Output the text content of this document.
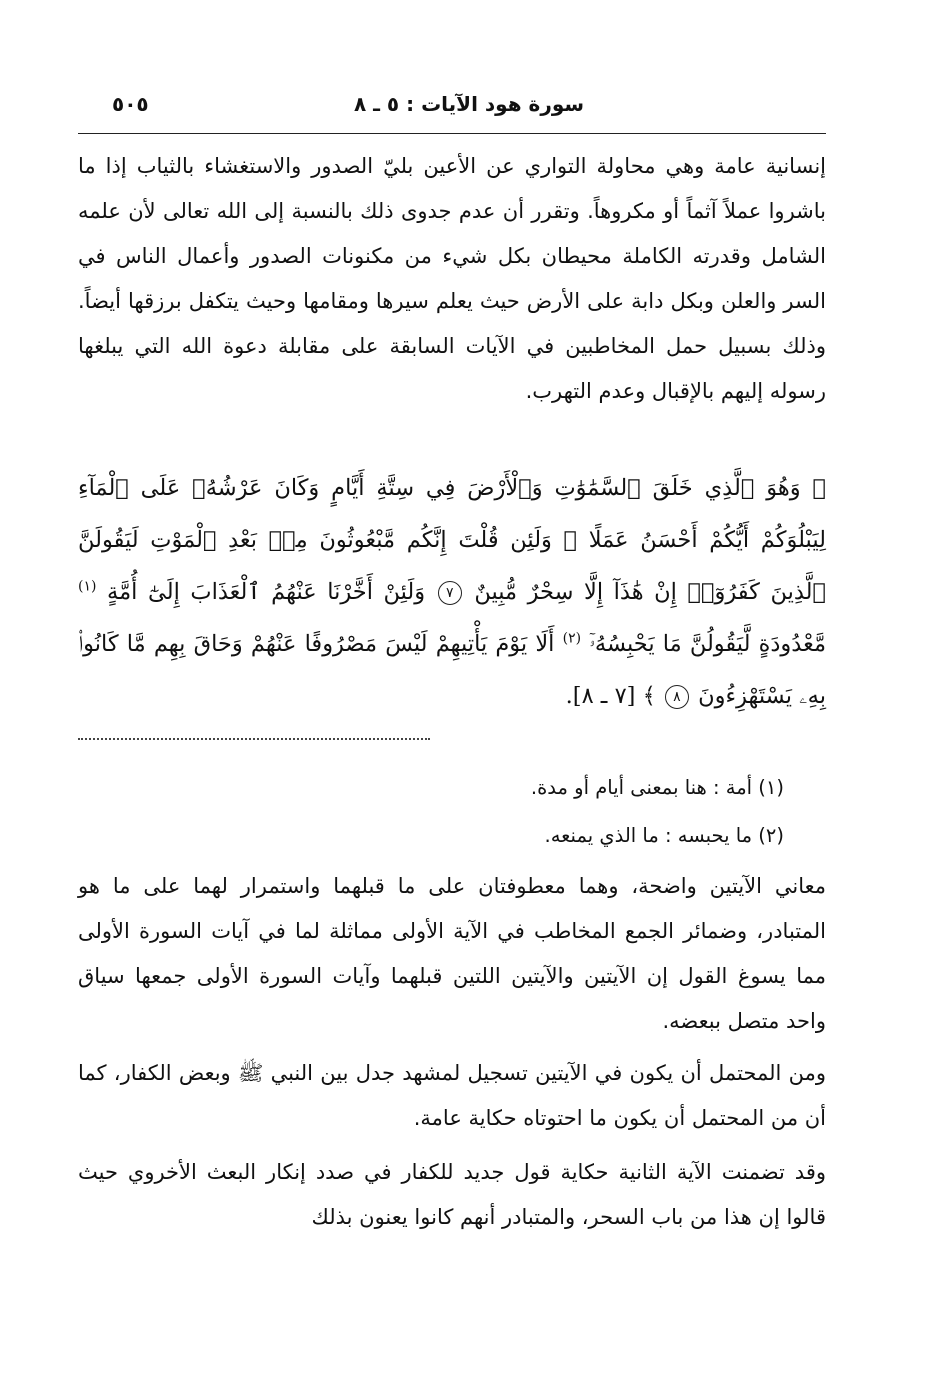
سورة هود الآيات : ٥ ـ ٨
٥٠٥

إنسانية عامة وهي محاولة التواري عن الأعين بليّ الصدور والاستغشاء بالثياب إذا ما باشروا عملاً آثماً أو مكروهاً. وتقرر أن عدم جدوى ذلك بالنسبة إلى الله تعالى لأن علمه الشامل وقدرته الكاملة محيطان بكل شيء من مكنونات الصدور وأعمال الناس في السر والعلن وبكل دابة على الأرض حيث يعلم سيرها ومقامها وحيث يتكفل برزقها أيضاً. وذلك بسبيل حمل المخاطبين في الآيات السابقة على مقابلة دعوة الله التي يبلغها رسوله إليهم بالإقبال وعدم التهرب.

﴿ وَهُوَ ٱلَّذِي خَلَقَ ٱلسَّمَٰوَٰتِ وَٱلْأَرْضَ فِي سِتَّةِ أَيَّامٍ وَكَانَ عَرْشُهُۥ عَلَى ٱلْمَآءِ لِيَبْلُوَكُمْ أَيُّكُمْ أَحْسَنُ عَمَلًا ۗ وَلَئِن قُلْتَ إِنَّكُم مَّبْعُوثُونَ مِنۢ بَعْدِ ٱلْمَوْتِ لَيَقُولَنَّ ٱلَّذِينَ كَفَرُوٓا۟ إِنْ هَٰذَآ إِلَّا سِحْرٌ مُّبِينٌ ٧ وَلَئِنْ أَخَّرْنَا عَنْهُمُ ٱلْعَذَابَ إِلَىٰٓ أُمَّةٍ $^{(١)}$ مَّعْدُودَةٍ لَّيَقُولُنَّ مَا يَحْبِسُهُۥٓ $^{(٢)}$ أَلَا يَوْمَ يَأْتِيهِمْ لَيْسَ مَصْرُوفًا عَنْهُمْ وَحَاقَ بِهِم مَّا كَانُوا۟ بِهِۦ يَسْتَهْزِءُونَ ٨ ﴾ [٧ ـ ٨].

(١) أمة : هنا بمعنى أيام أو مدة.

(٢) ما يحبسه : ما الذي يمنعه.

معاني الآيتين واضحة، وهما معطوفتان على ما قبلهما واستمرار لهما على ما هو المتبادر، وضمائر الجمع المخاطب في الآية الأولى مماثلة لما في آيات السورة الأولى مما يسوغ القول إن الآيتين والآيتين اللتين قبلهما وآيات السورة الأولى جمعها سياق واحد متصل ببعضه.

ومن المحتمل أن يكون في الآيتين تسجيل لمشهد جدل بين النبي ﷺ وبعض الكفار، كما أن من المحتمل أن يكون ما احتوتاه حكاية عامة.

وقد تضمنت الآية الثانية حكاية قول جديد للكفار في صدد إنكار البعث الأخروي حيث قالوا إن هذا من باب السحر، والمتبادر أنهم كانوا يعنون بذلك
